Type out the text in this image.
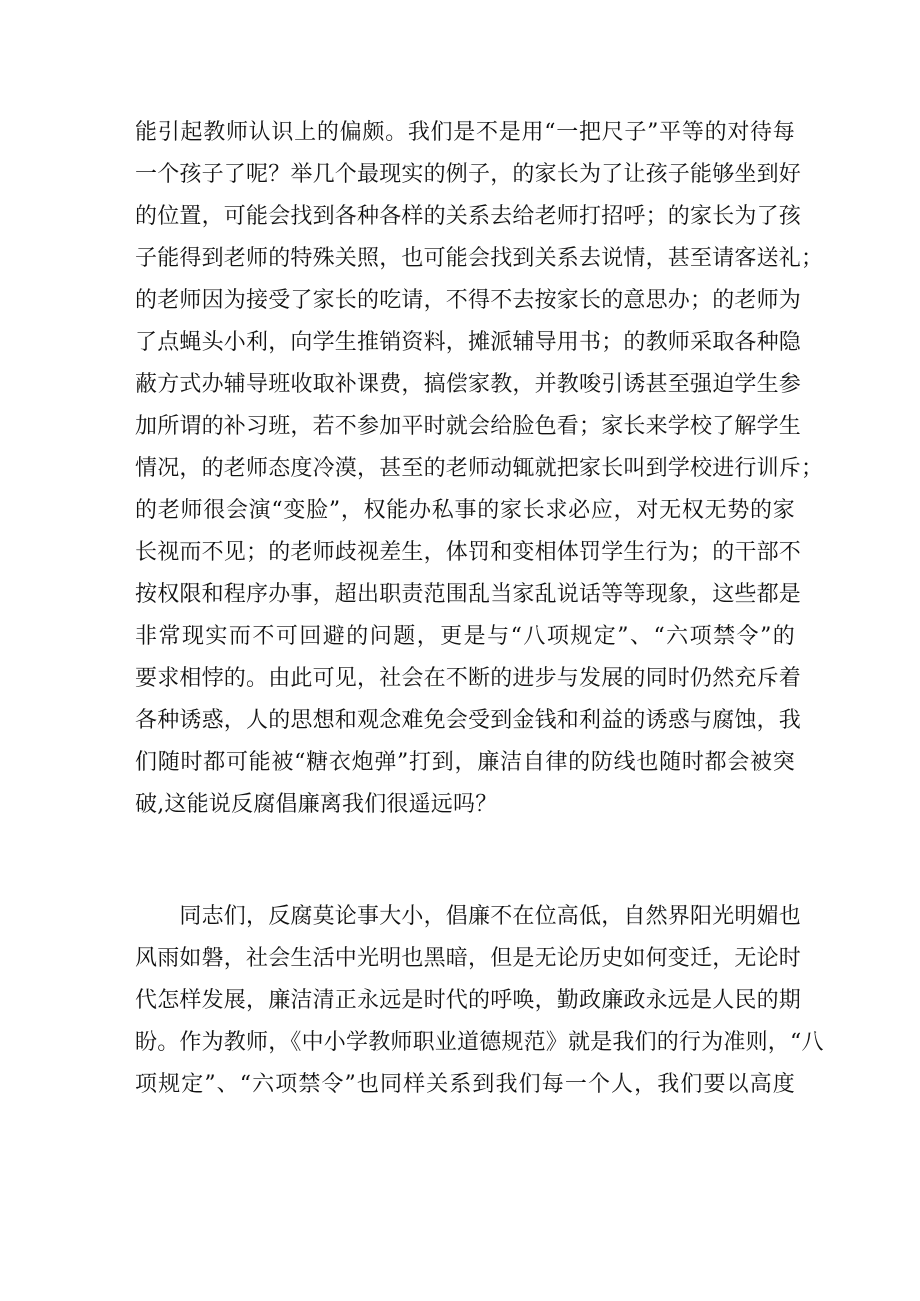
能引起教师认识上的偏颇。我们是不是用“一把尺子”平等的对待每
一个孩子了呢？举几个最现实的例子，的家长为了让孩子能够坐到好
的位置，可能会找到各种各样的关系去给老师打招呼；的家长为了孩
子能得到老师的特殊关照，也可能会找到关系去说情，甚至请客送礼；
的老师因为接受了家长的吃请，不得不去按家长的意思办；的老师为
了点蝇头小利，向学生推销资料，摊派辅导用书；的教师采取各种隐
蔽方式办辅导班收取补课费，搞偿家教，并教唆引诱甚至强迫学生参
加所谓的补习班，若不参加平时就会给脸色看；家长来学校了解学生
情况，的老师态度冷漠，甚至的老师动辄就把家长叫到学校进行训斥；
的老师很会演“变脸”，权能办私事的家长求必应，对无权无势的家
长视而不见；的老师歧视差生，体罚和变相体罚学生行为；的干部不
按权限和程序办事，超出职责范围乱当家乱说话等等现象，这些都是
非常现实而不可回避的问题，更是与“八项规定”、“六项禁令”的
要求相悖的。由此可见，社会在不断的进步与发展的同时仍然充斥着
各种诱惑，人的思想和观念难免会受到金钱和利益的诱惑与腐蚀，我
们随时都可能被“糖衣炮弹”打到，廉洁自律的防线也随时都会被突
破,这能说反腐倡廉离我们很遥远吗？
　　同志们，反腐莫论事大小，倡廉不在位高低，自然界阳光明媚也
风雨如磐，社会生活中光明也黑暗，但是无论历史如何变迁，无论时
代怎样发展，廉洁清正永远是时代的呼唤，勤政廉政永远是人民的期
盼。作为教师，《中小学教师职业道德规范》就是我们的行为准则，“八
项规定”、“六项禁令”也同样关系到我们每一个人，我们要以高度
